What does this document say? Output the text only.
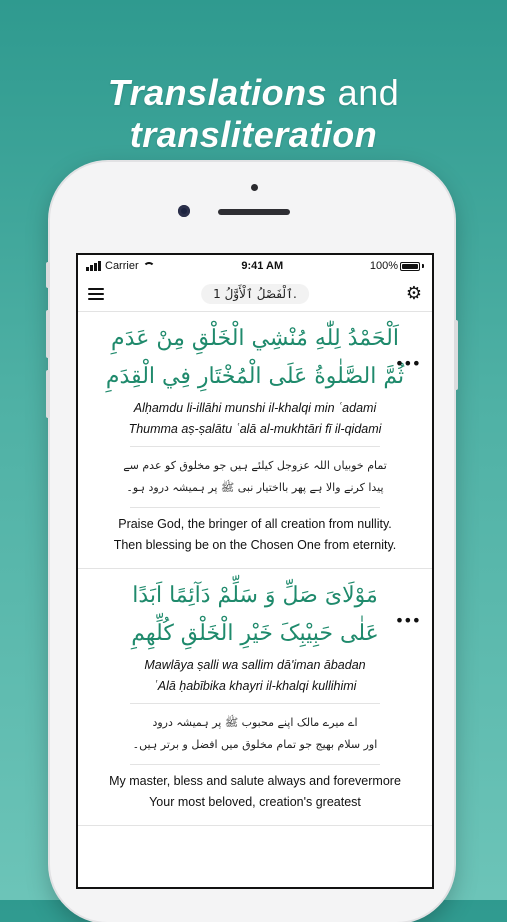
Translations and transliteration
Carrier	9:41 AM	100%
ٱلْفَصْلُ ٱلْأَوَّلُ 1.	⚙
•••
اَلْحَمْدُ لِلّٰهِ مُنْشِي الْخَلْقِ مِنْ عَدَمِ
ثُمَّ الصَّلٰوةُ عَلَى الْمُخْتَارِ فِي الْقِدَمِ
Alḥamdu li-illāhi munshi il-khalqi min ʿadami
Thumma aṣ-ṣalātu ʿalā al-mukhtāri fī il-qidami
تمام خوبیاں اللہ عزوجل کیلئے ہیں جو مخلوق کو عدم سے
پیدا کرنے والا ہے پھر بااختیار نبی ﷺ پر ہمیشہ درود ہو۔

Praise God, the bringer of all creation from nullity.

Then blessing be on the Chosen One from eternity.

•••
مَوْلَایَ صَلِّ وَ سَلِّمْ دَآئِمًا اَبَدًا
عَلٰی حَبِیْبِکَ خَیْرِ الْخَلْقِ کُلِّهِمِ
Mawlāya ṣalli wa sallim dā'iman ābadan
ʿAlā ḥabībika khayri il-khalqi kullihimi
اے میرے مالک اپنے محبوب ﷺ پر ہمیشہ درود
اور سلام بھیج جو تمام مخلوق میں افضل و برتر ہیں۔

My master, bless and salute always and forevermore

Your most beloved, creation's greatest
